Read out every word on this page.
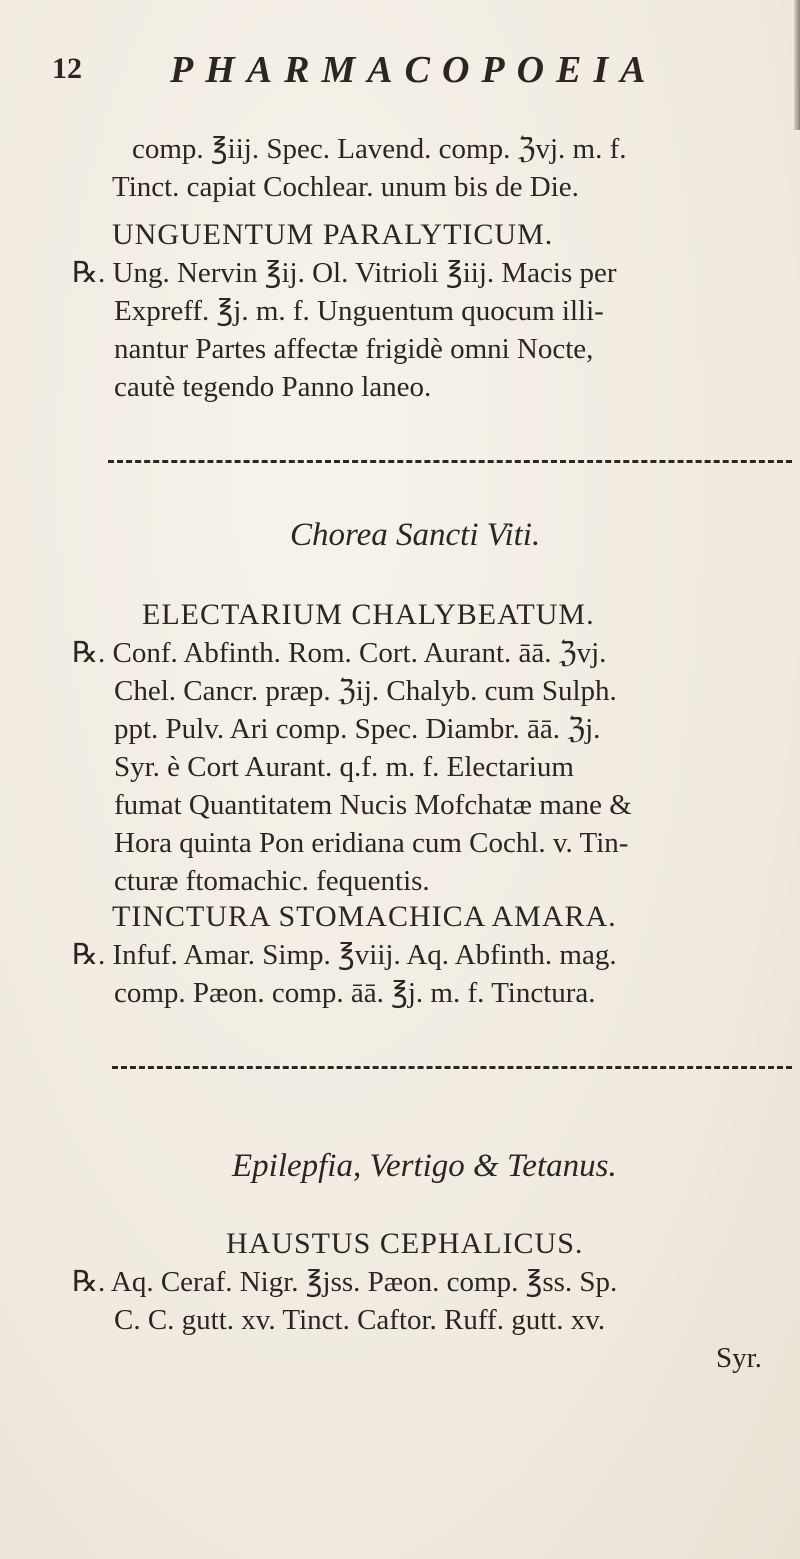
12 PHARMACOPOEIA
comp. ℥iij. Spec. Lavend. comp. ℨvj. m. f.
Tinct. capiat Cochlear. unum bis de Die.
UNGUENTUM PARALYTICUM.
℞. Ung. Nervin ℥ij. Ol. Vitrioli ℥iij. Macis per
Expreff. ℥j. m. f. Unguentum quocum illi-
nantur Partes affectæ frigidè omni Nocte,
cautè tegendo Panno laneo.
Chorea Sancti Viti.
ELECTARIUM CHALYBEATUM.
℞. Conf. Abfinth. Rom. Cort. Aurant. āā. ℨvj.
Chel. Cancr. præp. ℨij. Chalyb. cum Sulph.
ppt. Pulv. Ari comp. Spec. Diambr. āā. ℨj.
Syr. è Cort Aurant. q.f. m. f. Electarium
fumat Quantitatem Nucis Mofchatæ mane &
Hora quinta Pon eridiana cum Cochl. v. Tin-
cturæ ftomachic. fequentis.
TINCTURA STOMACHICA AMARA.
℞. Infuf. Amar. Simp. ℥viij. Aq. Abfinth. mag.
comp. Pæon. comp. āā. ℥j. m. f. Tinctura.
Epilepfia, Vertigo & Tetanus.
HAUSTUS CEPHALICUS.
℞. Aq. Ceraf. Nigr. ℥jss. Pæon. comp. ℥ss. Sp.
C. C. gutt. xv. Tinct. Caftor. Ruff. gutt. xv.
Syr.
